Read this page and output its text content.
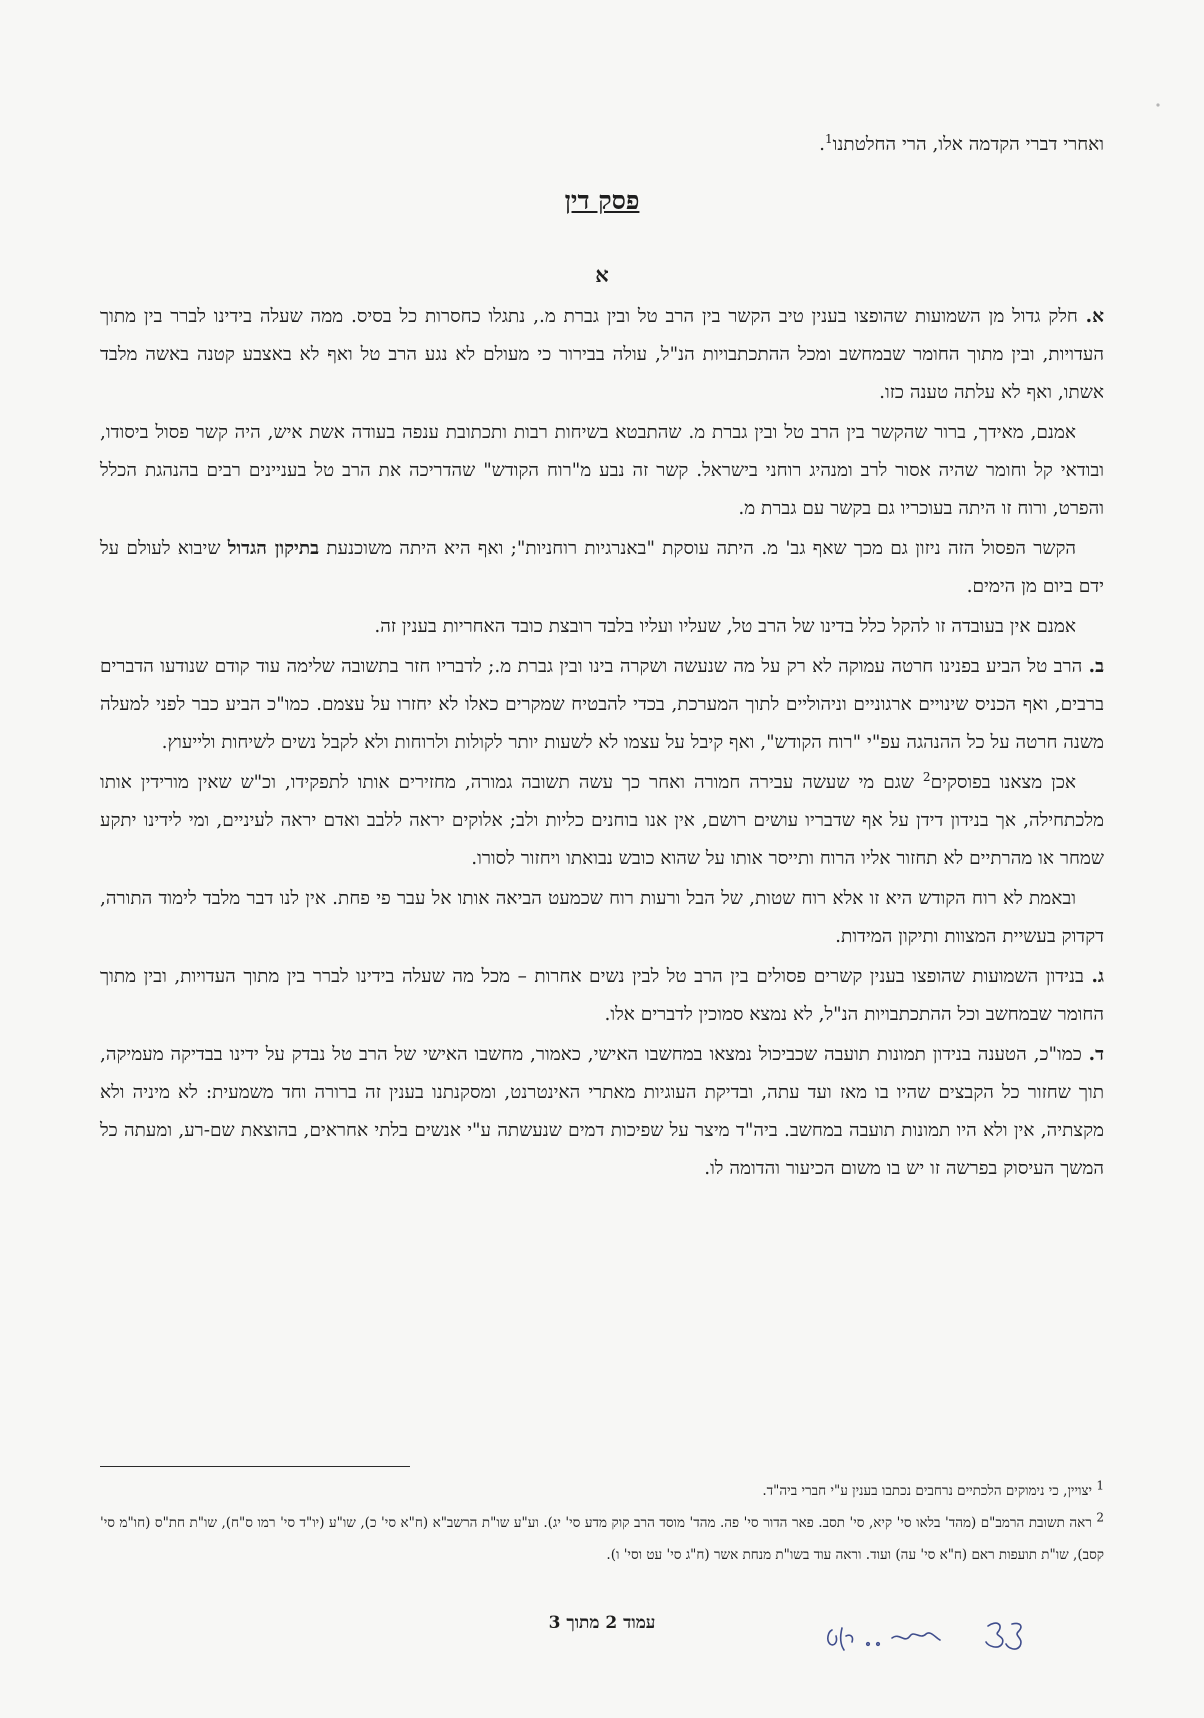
ואחרי דברי הקדמה אלו, הרי החלטתנו$^1$.
פסק דין
א

א. חלק גדול מן השמועות שהופצו בענין טיב הקשר בין הרב טל ובין גברת מ., נתגלו כחסרות כל בסיס. ממה שעלה בידינו לברר בין מתוך העדויות, ובין מתוך החומר שבמחשב ומכל ההתכתבויות הנ"ל, עולה בבירור כי מעולם לא נגע הרב טל ואף לא באצבע קטנה באשה מלבד אשתו, ואף לא עלתה טענה כזו.

אמנם, מאידך, ברור שהקשר בין הרב טל ובין גברת מ. שהתבטא בשיחות רבות ותכתובת ענפה בעודה אשת איש, היה קשר פסול ביסודו, ובודאי קל וחומר שהיה אסור לרב ומנהיג רוחני בישראל. קשר זה נבע מ"רוח הקודש" שהדריכה את הרב טל בעניינים רבים בהנהגת הכלל והפרט, ורוח זו היתה בעוכריו גם בקשר עם גברת מ.

הקשר הפסול הזה ניזון גם מכך שאף גב' מ. היתה עוסקת "באנרגיות רוחניות"; ואף היא היתה משוכנעת בתיקון הגדול שיבוא לעולם על ידם ביום מן הימים.

אמנם אין בעובדה זו להקל כלל בדינו של הרב טל, שעליו ועליו בלבד רובצת כובד האחריות בענין זה.

ב. הרב טל הביע בפנינו חרטה עמוקה לא רק על מה שנעשה ושקרה בינו ובין גברת מ.; לדבריו חזר בתשובה שלימה עוד קודם שנודעו הדברים ברבים, ואף הכניס שינויים ארגוניים וניהוליים לתוך המערכת, בכדי להבטיח שמקרים כאלו לא יחזרו על עצמם. כמו"כ הביע כבר לפני למעלה משנה חרטה על כל ההנהגה עפ"י "רוח הקודש", ואף קיבל על עצמו לא לשעות יותר לקולות ולרוחות ולא לקבל נשים לשיחות ולייעוץ.

אכן מצאנו בפוסקים$^2$ שגם מי שעשה עבירה חמורה ואחר כך עשה תשובה גמורה, מחזירים אותו לתפקידו, וכ"ש שאין מורידין אותו מלכתחילה, אך בנידון דידן על אף שדבריו עושים רושם, אין אנו בוחנים כליות ולב; אלוקים יראה ללבב ואדם יראה לעיניים, ומי לידינו יתקע שמחר או מהרתיים לא תחזור אליו הרוח ותייסר אותו על שהוא כובש נבואתו ויחזור לסורו.

ובאמת לא רוח הקודש היא זו אלא רוח שטות, של הבל ורעות רוח שכמעט הביאה אותו אל עבר פי פחת. אין לנו דבר מלבד לימוד התורה, דקדוק בעשיית המצוות ותיקון המידות.

ג. בנידון השמועות שהופצו בענין קשרים פסולים בין הרב טל לבין נשים אחרות – מכל מה שעלה בידינו לברר בין מתוך העדויות, ובין מתוך החומר שבמחשב וכל ההתכתבויות הנ"ל, לא נמצא סמוכין לדברים אלו.

ד. כמו"כ, הטענה בנידון תמונות תועבה שכביכול נמצאו במחשבו האישי, כאמור, מחשבו האישי של הרב טל נבדק על ידינו בבדיקה מעמיקה, תוך שחזור כל הקבצים שהיו בו מאז ועד עתה, ובדיקת העוגיות מאתרי האינטרנט, ומסקנתנו בענין זה ברורה וחד משמעית: לא מיניה ולא מקצתיה, אין ולא היו תמונות תועבה במחשב. ביה"ד מיצר על שפיכות דמים שנעשתה ע"י אנשים בלתי אחראים, בהוצאת שם-רע, ומעתה כל המשך העיסוק בפרשה זו יש בו משום הכיעור והדומה לו.

1 יצויין, כי נימוקים הלכתיים נרחבים נכתבו בענין ע"י חברי ביה"ד.

2 ראה תשובת הרמב"ם (מהד' בלאו סי' קיא, סי' תסב. פאר הדור סי' פה. מהד' מוסד הרב קוק מדע סי' יג). וע"ע שו"ת הרשב"א (ח"א סי' כ), שו"ע (יו"ד סי' רמו ס"ח), שו"ת חת"ס (חו"מ סי' קסב), שו"ת תועפות ראם (ח"א סי' עה) ועוד. וראה עוד בשו"ת מנחת אשר (ח"ג סי' עט וסי' ו).

עמוד 2 מתוך 3
